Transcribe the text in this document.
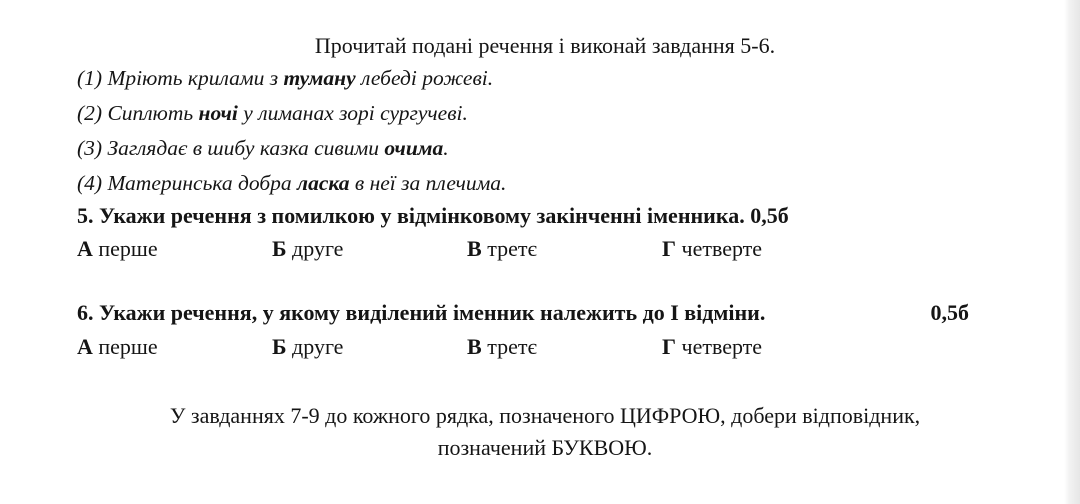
Прочитай подані речення і виконай завдання 5-6.
(1) Мріють крилами з туману лебеді рожеві.
(2) Сиплють ночі у лиманах зорі сургучеві.
(3) Заглядає в шибу казка сивими очима.
(4) Материнська добра ласка в неї за плечима.
5. Укажи речення з помилкою у відмінковому закінченні іменника. 0,5б
А перше	Б друге	В третє	Г четверте
6. Укажи речення, у якому виділений іменник належить до І відміни.	0,5б
А перше	Б друге	В третє	Г четверте
У завданнях 7-9 до кожного рядка, позначеного ЦИФРОЮ, добери відповідник,
позначений БУКВОЮ.
